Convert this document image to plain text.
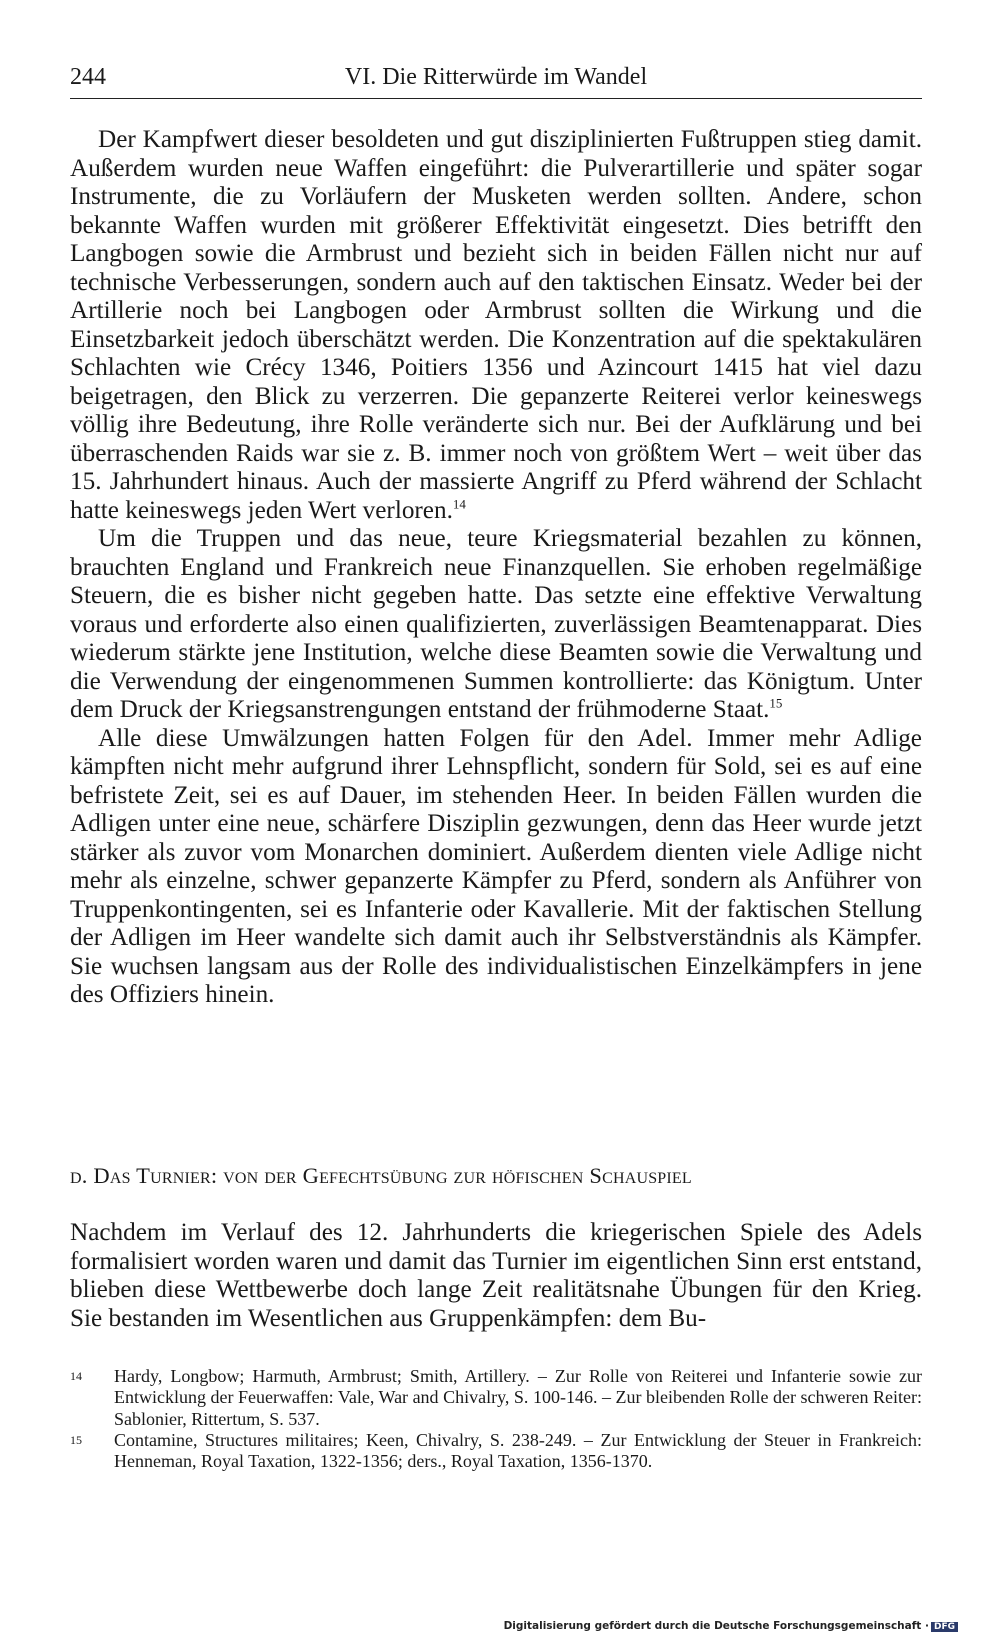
244	VI. Die Ritterwürde im Wandel

Der Kampfwert dieser besoldeten und gut disziplinierten Fußtruppen stieg damit. Außerdem wurden neue Waffen eingeführt: die Pulverartillerie und später sogar Instrumente, die zu Vorläufern der Musketen werden sollten. Andere, schon bekannte Waffen wurden mit größerer Effektivität eingesetzt. Dies betrifft den Langbogen sowie die Armbrust und bezieht sich in beiden Fällen nicht nur auf technische Verbesserungen, sondern auch auf den taktischen Einsatz. Weder bei der Artillerie noch bei Langbogen oder Armbrust sollten die Wirkung und die Einsetzbarkeit jedoch überschätzt werden. Die Konzentration auf die spektakulären Schlachten wie Crécy 1346, Poitiers 1356 und Azincourt 1415 hat viel dazu beigetragen, den Blick zu verzerren. Die gepanzerte Reiterei verlor keineswegs völlig ihre Bedeutung, ihre Rolle veränderte sich nur. Bei der Aufklärung und bei überraschenden Raids war sie z. B. immer noch von größtem Wert – weit über das 15. Jahrhundert hinaus. Auch der massierte Angriff zu Pferd während der Schlacht hatte keineswegs jeden Wert verloren.$^{14}$

Um die Truppen und das neue, teure Kriegsmaterial bezahlen zu können, brauchten England und Frankreich neue Finanzquellen. Sie erhoben regelmäßige Steuern, die es bisher nicht gegeben hatte. Das setzte eine effektive Verwaltung voraus und erforderte also einen qualifizierten, zuverlässigen Beamtenapparat. Dies wiederum stärkte jene Institution, welche diese Beamten sowie die Verwaltung und die Verwendung der eingenommenen Summen kontrollierte: das Königtum. Unter dem Druck der Kriegsanstrengungen entstand der frühmoderne Staat.$^{15}$

Alle diese Umwälzungen hatten Folgen für den Adel. Immer mehr Adlige kämpften nicht mehr aufgrund ihrer Lehnspflicht, sondern für Sold, sei es auf eine befristete Zeit, sei es auf Dauer, im stehenden Heer. In beiden Fällen wurden die Adligen unter eine neue, schärfere Disziplin gezwungen, denn das Heer wurde jetzt stärker als zuvor vom Monarchen dominiert. Außerdem dienten viele Adlige nicht mehr als einzelne, schwer gepanzerte Kämpfer zu Pferd, sondern als Anführer von Truppenkontingenten, sei es Infanterie oder Kavallerie. Mit der faktischen Stellung der Adligen im Heer wandelte sich damit auch ihr Selbstverständnis als Kämpfer. Sie wuchsen langsam aus der Rolle des individualistischen Einzelkämpfers in jene des Offiziers hinein.

d. Das Turnier: von der Gefechtsübung zur höfischen Schauspiel

Nachdem im Verlauf des 12. Jahrhunderts die kriegerischen Spiele des Adels formalisiert worden waren und damit das Turnier im eigentlichen Sinn erst entstand, blieben diese Wettbewerbe doch lange Zeit realitätsnahe Übungen für den Krieg. Sie bestanden im Wesentlichen aus Gruppenkämpfen: dem Bu-

14 Hardy, Longbow; Harmuth, Armbrust; Smith, Artillery. – Zur Rolle von Reiterei und Infanterie sowie zur Entwicklung der Feuerwaffen: Vale, War and Chivalry, S. 100-146. – Zur bleibenden Rolle der schweren Reiter: Sablonier, Rittertum, S. 537.
15 Contamine, Structures militaires; Keen, Chivalry, S. 238-249. – Zur Entwicklung der Steuer in Frankreich: Henneman, Royal Taxation, 1322-1356; ders., Royal Taxation, 1356-1370.
Digitalisierung gefördert durch die Deutsche Forschungsgemeinschaft · DFG
